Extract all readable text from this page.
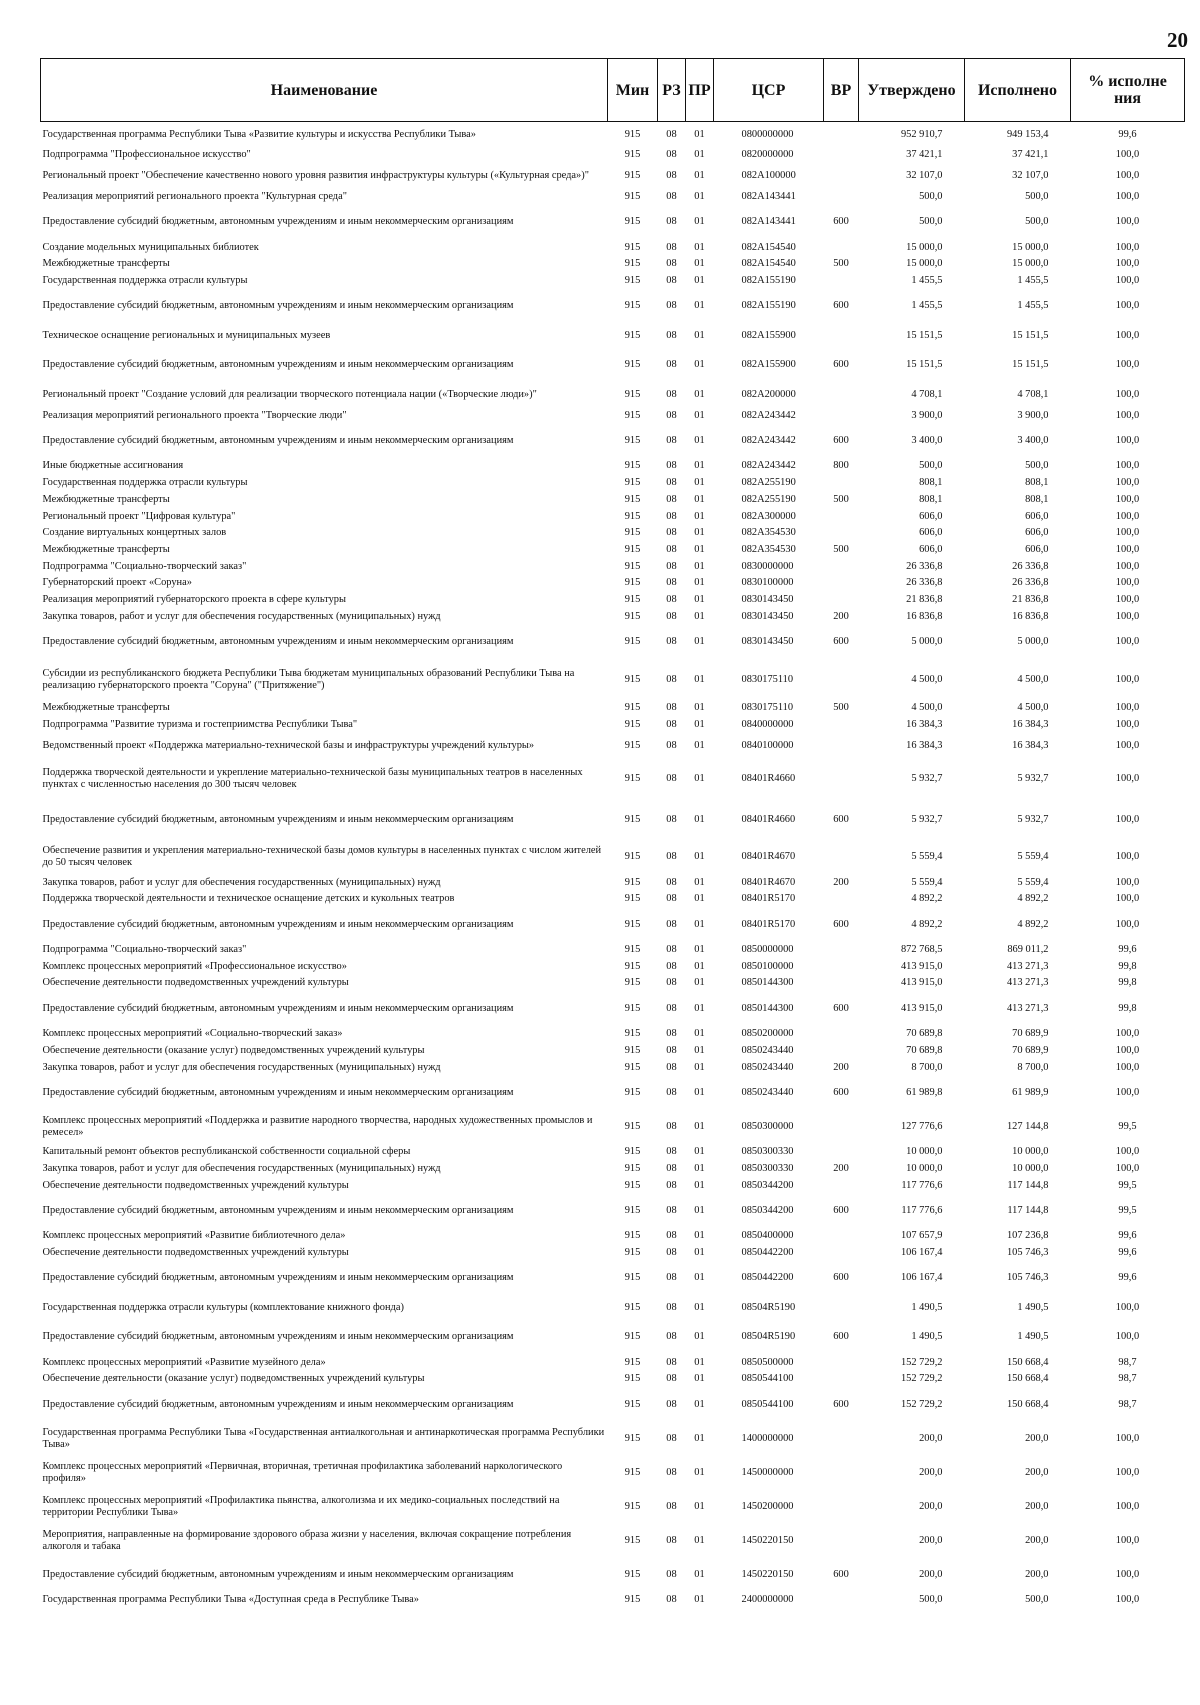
20
Наименование	Мин	РЗ	ПР	ЦСР	ВР	Утверждено	Исполнено	% исполне ния
Государственная программа Республики Тыва «Развитие культуры и искусства Республики Тыва»	915	08	01	0800000000		952 910,7	949 153,4	99,6
Подпрограмма "Профессиональное искусство"	915	08	01	0820000000		37 421,1	37 421,1	100,0
Региональный проект "Обеспечение качественно нового уровня развития инфраструктуры культуры («Культурная среда»)"	915	08	01	082A100000		32 107,0	32 107,0	100,0
Реализация мероприятий регионального проекта "Культурная среда"	915	08	01	082A143441		500,0	500,0	100,0
Предоставление субсидий бюджетным, автономным учреждениям и иным некоммерческим организациям	915	08	01	082A143441	600	500,0	500,0	100,0
Создание модельных муниципальных библиотек	915	08	01	082A154540		15 000,0	15 000,0	100,0
Межбюджетные трансферты	915	08	01	082A154540	500	15 000,0	15 000,0	100,0
Государственная поддержка отрасли культуры	915	08	01	082A155190		1 455,5	1 455,5	100,0
Предоставление субсидий бюджетным, автономным учреждениям и иным некоммерческим организациям	915	08	01	082A155190	600	1 455,5	1 455,5	100,0
Техническое оснащение региональных и муниципальных музеев	915	08	01	082A155900		15 151,5	15 151,5	100,0
Предоставление субсидий бюджетным, автономным учреждениям и иным некоммерческим организациям	915	08	01	082A155900	600	15 151,5	15 151,5	100,0
Региональный проект "Создание условий для реализации творческого потенциала нации («Творческие люди»)"	915	08	01	082A200000		4 708,1	4 708,1	100,0
Реализация мероприятий регионального проекта "Творческие люди"	915	08	01	082A243442		3 900,0	3 900,0	100,0
Предоставление субсидий бюджетным, автономным учреждениям и иным некоммерческим организациям	915	08	01	082A243442	600	3 400,0	3 400,0	100,0
Иные бюджетные ассигнования	915	08	01	082A243442	800	500,0	500,0	100,0
Государственная поддержка отрасли культуры	915	08	01	082A255190		808,1	808,1	100,0
Межбюджетные трансферты	915	08	01	082A255190	500	808,1	808,1	100,0
Региональный проект "Цифровая культура"	915	08	01	082A300000		606,0	606,0	100,0
Создание виртуальных концертных залов	915	08	01	082A354530		606,0	606,0	100,0
Межбюджетные трансферты	915	08	01	082A354530	500	606,0	606,0	100,0
Подпрограмма "Социально-творческий заказ"	915	08	01	0830000000		26 336,8	26 336,8	100,0
Губернаторский проект «Соруна»	915	08	01	0830100000		26 336,8	26 336,8	100,0
Реализация мероприятий губернаторского проекта в сфере культуры	915	08	01	0830143450		21 836,8	21 836,8	100,0
Закупка товаров, работ и услуг для обеспечения государственных (муниципальных) нужд	915	08	01	0830143450	200	16 836,8	16 836,8	100,0
Предоставление субсидий бюджетным, автономным учреждениям и иным некоммерческим организациям	915	08	01	0830143450	600	5 000,0	5 000,0	100,0
Субсидии из республиканского бюджета Республики Тыва бюджетам муниципальных образований Республики Тыва на реализацию губернаторского проекта "Соруна" ("Притяжение")	915	08	01	0830175110		4 500,0	4 500,0	100,0
Межбюджетные трансферты	915	08	01	0830175110	500	4 500,0	4 500,0	100,0
Подпрограмма "Развитие туризма и гостеприимства Республики Тыва"	915	08	01	0840000000		16 384,3	16 384,3	100,0
Ведомственный проект «Поддержка материально-технической базы и инфраструктуры учреждений культуры»	915	08	01	0840100000		16 384,3	16 384,3	100,0
Поддержка творческой деятельности и укрепление материально-технической базы муниципальных театров в населенных пунктах с численностью населения до 300 тысяч человек	915	08	01	08401R4660		5 932,7	5 932,7	100,0
Предоставление субсидий бюджетным, автономным учреждениям и иным некоммерческим организациям	915	08	01	08401R4660	600	5 932,7	5 932,7	100,0
Обеспечение развития и укрепления материально-технической базы домов культуры в населенных пунктах с числом жителей до 50 тысяч человек	915	08	01	08401R4670		5 559,4	5 559,4	100,0
Закупка товаров, работ и услуг для обеспечения государственных (муниципальных) нужд	915	08	01	08401R4670	200	5 559,4	5 559,4	100,0
Поддержка творческой деятельности и техническое оснащение детских и кукольных театров	915	08	01	08401R5170		4 892,2	4 892,2	100,0
Предоставление субсидий бюджетным, автономным учреждениям и иным некоммерческим организациям	915	08	01	08401R5170	600	4 892,2	4 892,2	100,0
Подпрограмма "Социально-творческий заказ"	915	08	01	0850000000		872 768,5	869 011,2	99,6
Комплекс процессных мероприятий «Профессиональное искусство»	915	08	01	0850100000		413 915,0	413 271,3	99,8
Обеспечение деятельности подведомственных учреждений культуры	915	08	01	0850144300		413 915,0	413 271,3	99,8
Предоставление субсидий бюджетным, автономным учреждениям и иным некоммерческим организациям	915	08	01	0850144300	600	413 915,0	413 271,3	99,8
Комплекс процессных мероприятий «Социально-творческий заказ»	915	08	01	0850200000		70 689,8	70 689,9	100,0
Обеспечение деятельности (оказание услуг) подведомственных учреждений культуры	915	08	01	0850243440		70 689,8	70 689,9	100,0
Закупка товаров, работ и услуг для обеспечения государственных (муниципальных) нужд	915	08	01	0850243440	200	8 700,0	8 700,0	100,0
Предоставление субсидий бюджетным, автономным учреждениям и иным некоммерческим организациям	915	08	01	0850243440	600	61 989,8	61 989,9	100,0
Комплекс процессных мероприятий «Поддержка и развитие народного творчества, народных художественных промыслов и ремесел»	915	08	01	0850300000		127 776,6	127 144,8	99,5
Капитальный ремонт объектов республиканской собственности социальной сферы	915	08	01	0850300330		10 000,0	10 000,0	100,0
Закупка товаров, работ и услуг для обеспечения государственных (муниципальных) нужд	915	08	01	0850300330	200	10 000,0	10 000,0	100,0
Обеспечение деятельности подведомственных учреждений культуры	915	08	01	0850344200		117 776,6	117 144,8	99,5
Предоставление субсидий бюджетным, автономным учреждениям и иным некоммерческим организациям	915	08	01	0850344200	600	117 776,6	117 144,8	99,5
Комплекс процессных мероприятий «Развитие библиотечного дела»	915	08	01	0850400000		107 657,9	107 236,8	99,6
Обеспечение деятельности подведомственных учреждений культуры	915	08	01	0850442200		106 167,4	105 746,3	99,6
Предоставление субсидий бюджетным, автономным учреждениям и иным некоммерческим организациям	915	08	01	0850442200	600	106 167,4	105 746,3	99,6
Государственная поддержка отрасли культуры (комплектование книжного фонда)	915	08	01	08504R5190		1 490,5	1 490,5	100,0
Предоставление субсидий бюджетным, автономным учреждениям и иным некоммерческим организациям	915	08	01	08504R5190	600	1 490,5	1 490,5	100,0
Комплекс процессных мероприятий «Развитие музейного дела»	915	08	01	0850500000		152 729,2	150 668,4	98,7
Обеспечение деятельности (оказание услуг) подведомственных учреждений культуры	915	08	01	0850544100		152 729,2	150 668,4	98,7
Предоставление субсидий бюджетным, автономным учреждениям и иным некоммерческим организациям	915	08	01	0850544100	600	152 729,2	150 668,4	98,7
Государственная программа Республики Тыва «Государственная антиалкогольная и антинаркотическая программа Республики Тыва»	915	08	01	1400000000		200,0	200,0	100,0
Комплекс процессных мероприятий «Первичная, вторичная, третичная профилактика заболеваний наркологического профиля»	915	08	01	1450000000		200,0	200,0	100,0
Комплекс процессных мероприятий «Профилактика пьянства, алкоголизма и их медико-социальных последствий на территории Республики Тыва»	915	08	01	1450200000		200,0	200,0	100,0
Мероприятия, направленные на формирование здорового образа жизни у населения, включая сокращение потребления алкоголя и табака	915	08	01	1450220150		200,0	200,0	100,0
Предоставление субсидий бюджетным, автономным учреждениям и иным некоммерческим организациям	915	08	01	1450220150	600	200,0	200,0	100,0
Государственная программа Республики Тыва «Доступная среда в Республике Тыва»	915	08	01	2400000000		500,0	500,0	100,0
